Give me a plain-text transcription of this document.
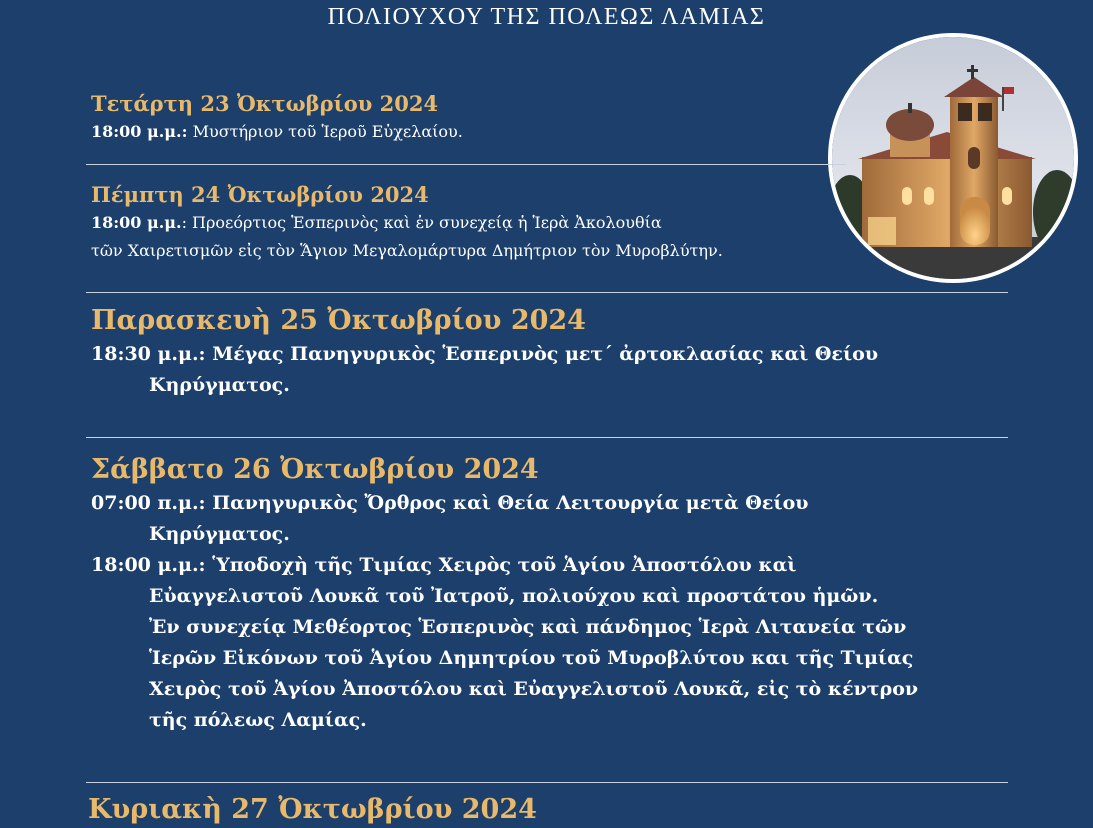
ΠΟΛΙΟΥΧΟΥ ΤΗΣ ΠΟΛΕΩΣ ΛΑΜΙΑΣ
Τετάρτη 23 Ὀκτωβρίου 2024
18:00 μ.μ.: Μυστήριον τοῦ Ἱεροῦ Εὐχελαίου.
Πέμπτη 24 Ὀκτωβρίου 2024
18:00 μ.μ.: Προεόρτιος Ἑσπερινὸς καὶ ἐν συνεχείᾳ ἡ Ἱερὰ Ἀκολουθία
τῶν Χαιρετισμῶν εἰς τὸν Ἅγιον Μεγαλομάρτυρα Δημήτριον τὸν Μυροβλύτην.
Παρασκευὴ 25 Ὀκτωβρίου 2024
18:30 μ.μ.: Μέγας Πανηγυρικὸς Ἑσπερινὸς μετ΄ ἀρτοκλασίας καὶ Θείου
Κηρύγματος.
Σάββατο 26 Ὀκτωβρίου 2024
07:00 π.μ.: Πανηγυρικὸς Ὄρθρος καὶ Θεία Λειτουργία μετὰ Θείου
Κηρύγματος.
18:00 μ.μ.: Ὑποδοχὴ τῆς Τιμίας Χειρὸς τοῦ Ἁγίου Ἀποστόλου καὶ
Εὐαγγελιστοῦ Λουκᾶ τοῦ Ἰατροῦ, πολιούχου καὶ προστάτου ἡμῶν.
Ἐν συνεχείᾳ Μεθέορτος Ἑσπερινὸς καὶ πάνδημος Ἱερὰ Λιτανεία τῶν
Ἱερῶν Εἰκόνων τοῦ Ἁγίου Δημητρίου τοῦ Μυροβλύτου και τῆς Τιμίας
Χειρὸς τοῦ Ἁγίου Ἀποστόλου καὶ Εὐαγγελιστοῦ Λουκᾶ, εἰς τὸ κέντρον
τῆς πόλεως Λαμίας.
Κυριακὴ 27 Ὀκτωβρίου 2024
